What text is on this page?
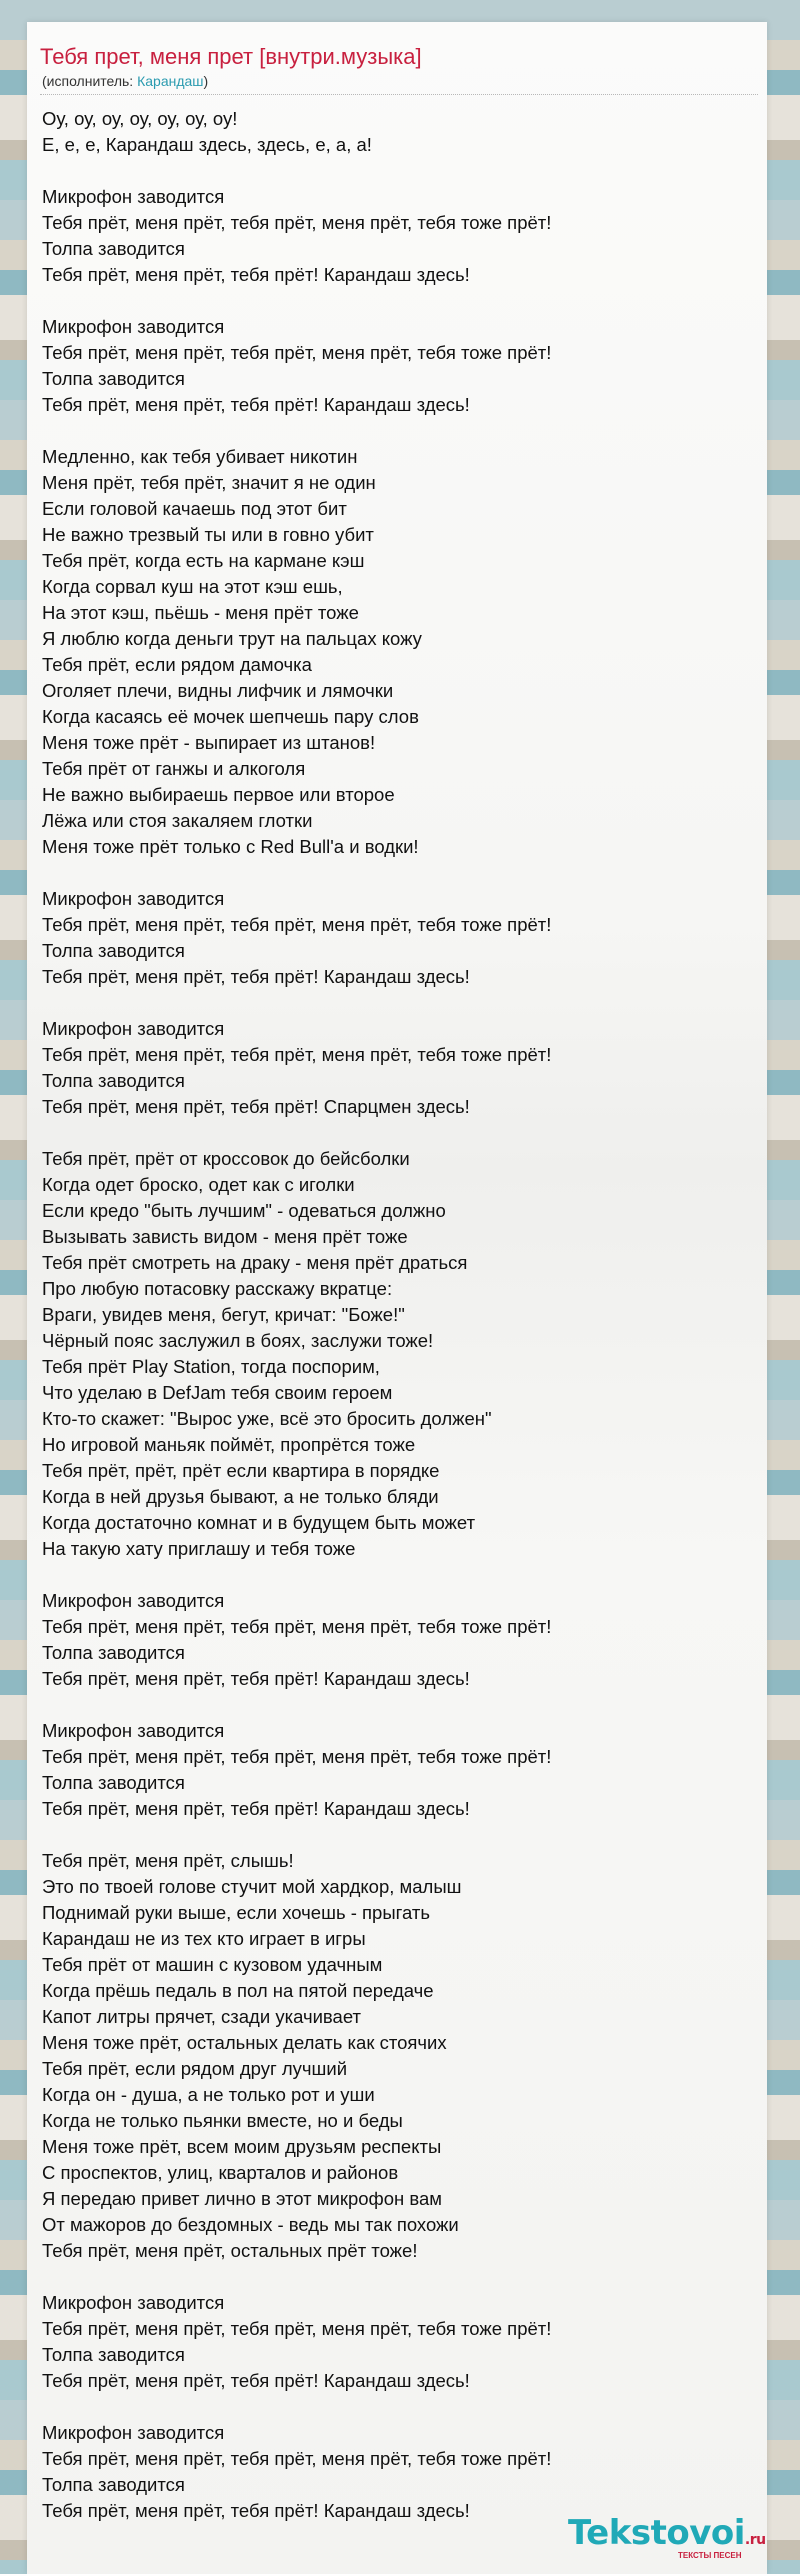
Тебя прет, меня прет [внутри.музыка]
(исполнитель: Карандаш)
Оу, оу, оу, оу, оу, оу, оу!
Е, е, е, Карандаш здесь, здесь, е, а, а!
Микрофон заводится
Тебя прёт, меня прёт, тебя прёт, меня прёт, тебя тоже прёт!
Толпа заводится
Тебя прёт, меня прёт, тебя прёт! Карандаш здесь!
Микрофон заводится
Тебя прёт, меня прёт, тебя прёт, меня прёт, тебя тоже прёт!
Толпа заводится
Тебя прёт, меня прёт, тебя прёт! Карандаш здесь!
Медленно, как тебя убивает никотин
Меня прёт, тебя прёт, значит я не один
Если головой качаешь под этот бит
Не важно трезвый ты или в говно убит
Тебя прёт, когда есть на кармане кэш
Когда сорвал куш на этот кэш ешь,
На этот кэш, пьёшь - меня прёт тоже
Я люблю когда деньги трут на пальцах кожу
Тебя прёт, если рядом дамочка
Оголяет плечи, видны лифчик и лямочки
Когда касаясь её мочек шепчешь пару слов
Меня тоже прёт - выпирает из штанов!
Тебя прёт от ганжы и алкоголя
Не важно выбираешь первое или второе
Лёжа или стоя закаляем глотки
Меня тоже прёт только с Red Bull'a и водки!
Микрофон заводится
Тебя прёт, меня прёт, тебя прёт, меня прёт, тебя тоже прёт!
Толпа заводится
Тебя прёт, меня прёт, тебя прёт! Карандаш здесь!
Микрофон заводится
Тебя прёт, меня прёт, тебя прёт, меня прёт, тебя тоже прёт!
Толпа заводится
Тебя прёт, меня прёт, тебя прёт! Спарцмен здесь!
Тебя прёт, прёт от кроссовок до бейсболки
Когда одет броско, одет как с иголки
Если кредо "быть лучшим" - одеваться должно
Вызывать зависть видом - меня прёт тоже
Тебя прёт смотреть на драку - меня прёт драться
Про любую потасовку расскажу вкратце:
Враги, увидев меня, бегут, кричат: "Боже!"
Чёрный пояс заслужил в боях, заслужи тоже!
Тебя прёт Play Station, тогда поспорим,
Что уделаю в DefJam тебя своим героем
Кто-то скажет: "Вырос уже, всё это бросить должен"
Но игровой маньяк поймёт, пропрётся тоже
Тебя прёт, прёт, прёт если квартира в порядке
Когда в ней друзья бывают, а не только бляди
Когда достаточно комнат и в будущем быть может
На такую хату приглашу и тебя тоже
Микрофон заводится
Тебя прёт, меня прёт, тебя прёт, меня прёт, тебя тоже прёт!
Толпа заводится
Тебя прёт, меня прёт, тебя прёт! Карандаш здесь!
Микрофон заводится
Тебя прёт, меня прёт, тебя прёт, меня прёт, тебя тоже прёт!
Толпа заводится
Тебя прёт, меня прёт, тебя прёт! Карандаш здесь!
Тебя прёт, меня прёт, слышь!
Это по твоей голове стучит мой хардкор, малыш
Поднимай руки выше, если хочешь - прыгать
Карандаш не из тех кто играет в игры
Тебя прёт от машин с кузовом удачным
Когда прёшь педаль в пол на пятой передаче
Капот литры прячет, сзади укачивает
Меня тоже прёт, остальных делать как стоячих
Тебя прёт, если рядом друг лучший
Когда он - душа, а не только рот и уши
Когда не только пьянки вместе, но и беды
Меня тоже прёт, всем моим друзьям респекты
С проспектов, улиц, кварталов и районов
Я передаю привет лично в этот микрофон вам
От мажоров до бездомных - ведь мы так похожи
Тебя прёт, меня прёт, остальных прёт тоже!
Микрофон заводится
Тебя прёт, меня прёт, тебя прёт, меня прёт, тебя тоже прёт!
Толпа заводится
Тебя прёт, меня прёт, тебя прёт! Карандаш здесь!
Микрофон заводится
Тебя прёт, меня прёт, тебя прёт, меня прёт, тебя тоже прёт!
Толпа заводится
Тебя прёт, меня прёт, тебя прёт! Карандаш здесь!
Tekstovoi.ru
ТЕКСТЫ ПЕСЕН
